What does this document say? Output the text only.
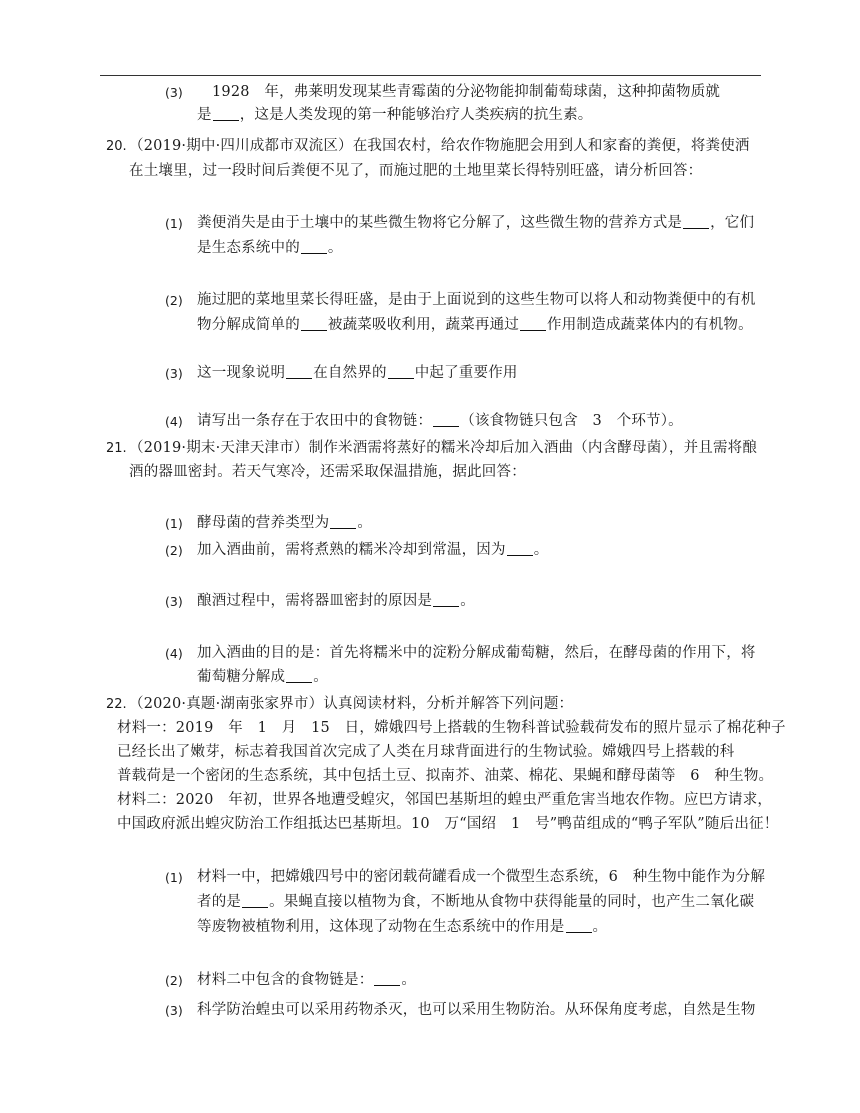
(3) 1928　年，弗莱明发现某些青霉菌的分泌物能抑制葡萄球菌，这种抑菌物质就
是 ，这是人类发现的第一种能够治疗人类疾病的抗生素。
20. （2019·期中·四川成都市双流区）在我国农村，给农作物施肥会用到人和家畜的粪便，将粪使洒
在土壤里，过一段时间后粪便不见了，而施过肥的土地里菜长得特别旺盛，请分析回答：
(1) 粪便消失是由于土壤中的某些微生物将它分解了，这些微生物的营养方式是 ，它们
是生态系统中的 。
(2) 施过肥的菜地里菜长得旺盛，是由于上面说到的这些生物可以将人和动物粪便中的有机
物分解成简单的 被蔬菜吸收利用，蔬菜再通过 作用制造成蔬菜体内的有机物。
(3) 这一现象说明 在自然界的 中起了重要作用
(4) 请写出一条存在于农田中的食物链： （该食物链只包含　3　个环节）。
21. （2019·期末·天津天津市）制作米酒需将蒸好的糯米冷却后加入酒曲（内含酵母菌），并且需将酿
酒的器皿密封。若天气寒冷，还需采取保温措施，据此回答：
(1) 酵母菌的营养类型为 。
(2) 加入酒曲前，需将煮熟的糯米冷却到常温，因为 。
(3) 酿酒过程中，需将器皿密封的原因是 。
(4) 加入酒曲的目的是：首先将糯米中的淀粉分解成葡萄糖，然后，在酵母菌的作用下，将
葡萄糖分解成 。
22. （2020·真题·湖南张家界市）认真阅读材料，分析并解答下列问题：
材料一：2019　年　1　月　15　日，嫦娥四号上搭载的生物科普试验载荷发布的照片显示了棉花种子
已经长出了嫩芽，标志着我国首次完成了人类在月球背面进行的生物试验。嫦娥四号上搭载的科
普载荷是一个密闭的生态系统，其中包括土豆、拟南芥、油菜、棉花、果蝇和酵母菌等　6　种生物。
材料二：2020　年初，世界各地遭受蝗灾，邻国巴基斯坦的蝗虫严重危害当地农作物。应巴方请求，
中国政府派出蝗灾防治工作组抵达巴基斯坦。10　万“国绍　1　号”鸭苗组成的“鸭子军队”随后出征！
(1) 材料一中，把嫦娥四号中的密闭载荷罐看成一个微型生态系统，6　种生物中能作为分解
者的是 。果蝇直接以植物为食，不断地从食物中获得能量的同时，也产生二氧化碳
等废物被植物利用，这体现了动物在生态系统中的作用是 。
(2) 材料二中包含的食物链是： 。
(3) 科学防治蝗虫可以采用药物杀灭，也可以采用生物防治。从环保角度考虑，自然是生物
